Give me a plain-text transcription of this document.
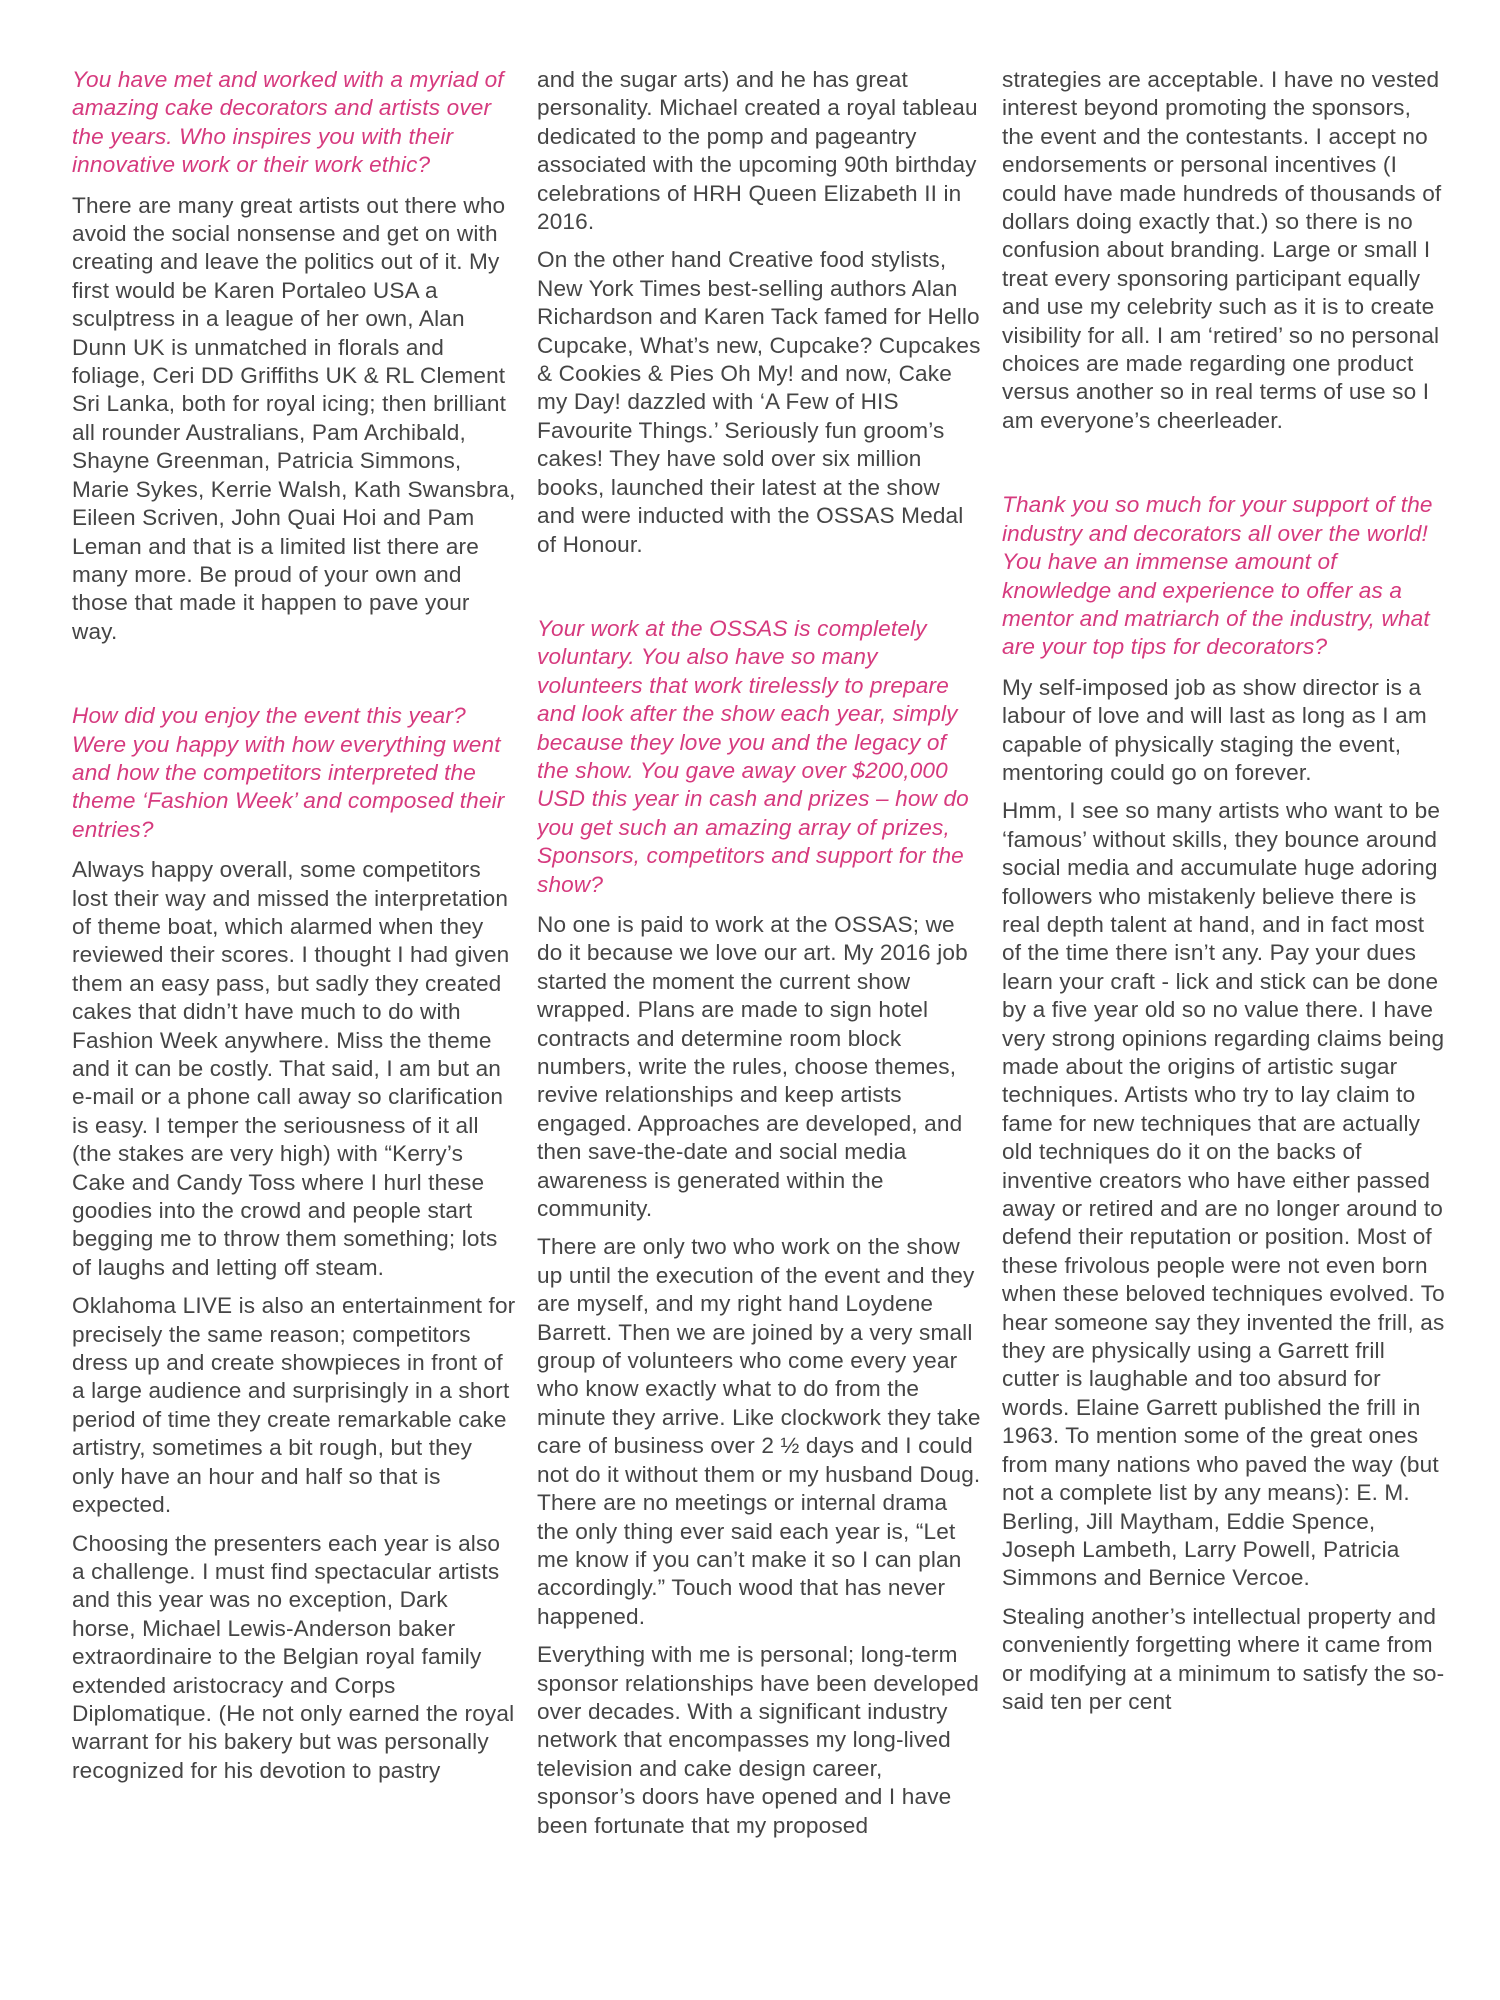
You have met and worked with a myriad of amazing cake decorators and artists over the years. Who inspires you with their innovative work or their work ethic?

There are many great artists out there who avoid the social nonsense and get on with creating and leave the politics out of it. My first would be Karen Portaleo USA a sculptress in a league of her own, Alan Dunn UK is unmatched in florals and foliage, Ceri DD Griffiths UK & RL Clement Sri Lanka, both for royal icing; then brilliant all rounder Australians, Pam Archibald, Shayne Greenman, Patricia Simmons, Marie Sykes, Kerrie Walsh, Kath Swansbra, Eileen Scriven, John Quai Hoi and Pam Leman and that is a limited list there are many more. Be proud of your own and those that made it happen to pave your way.

How did you enjoy the event this year? Were you happy with how everything went and how the competitors interpreted the theme ‘Fashion Week’ and composed their entries?

Always happy overall, some competitors lost their way and missed the interpretation of theme boat, which alarmed when they reviewed their scores. I thought I had given them an easy pass, but sadly they created cakes that didn’t have much to do with Fashion Week anywhere. Miss the theme and it can be costly. That said, I am but an e-mail or a phone call away so clarification is easy. I temper the seriousness of it all (the stakes are very high) with “Kerry’s Cake and Candy Toss where I hurl these goodies into the crowd and people start begging me to throw them something; lots of laughs and letting off steam.

Oklahoma LIVE is also an entertainment for precisely the same reason; competitors dress up and create showpieces in front of a large audience and surprisingly in a short period of time they create remarkable cake artistry, sometimes a bit rough, but they only have an hour and half so that is expected.

Choosing the presenters each year is also a challenge. I must find spectacular artists and this year was no exception, Dark horse, Michael Lewis-Anderson baker extraordinaire to the Belgian royal family extended aristocracy and Corps Diplomatique. (He not only earned the royal warrant for his bakery but was personally recognized for his devotion to pastry

and the sugar arts) and he has great personality. Michael created a royal tableau dedicated to the pomp and pageantry associated with the upcoming 90th birthday celebrations of HRH Queen Elizabeth II in 2016.

On the other hand Creative food stylists, New York Times best-selling authors Alan Richardson and Karen Tack famed for Hello Cupcake, What’s new, Cupcake? Cupcakes & Cookies & Pies Oh My! and now, Cake my Day! dazzled with ‘A Few of HIS Favourite Things.’ Seriously fun groom’s cakes! They have sold over six million books, launched their latest at the show and were inducted with the OSSAS Medal of Honour.

Your work at the OSSAS is completely voluntary. You also have so many volunteers that work tirelessly to prepare and look after the show each year, simply because they love you and the legacy of the show. You gave away over $200,000 USD this year in cash and prizes – how do you get such an amazing array of prizes, Sponsors, competitors and support for the show?

No one is paid to work at the OSSAS; we do it because we love our art. My 2016 job started the moment the current show wrapped. Plans are made to sign hotel contracts and determine room block numbers, write the rules, choose themes, revive relationships and keep artists engaged. Approaches are developed, and then save-the-date and social media awareness is generated within the community.

There are only two who work on the show up until the execution of the event and they are myself, and my right hand Loydene Barrett. Then we are joined by a very small group of volunteers who come every year who know exactly what to do from the minute they arrive. Like clockwork they take care of business over 2 ½ days and I could not do it without them or my husband Doug. There are no meetings or internal drama the only thing ever said each year is, “Let me know if you can’t make it so I can plan accordingly.” Touch wood that has never happened.

Everything with me is personal; long-term sponsor relationships have been developed over decades. With a significant industry network that encompasses my long-lived television and cake design career, sponsor’s doors have opened and I have been fortunate that my proposed

strategies are acceptable. I have no vested interest beyond promoting the sponsors, the event and the contestants. I accept no endorsements or personal incentives (I could have made hundreds of thousands of dollars doing exactly that.) so there is no confusion about branding. Large or small I treat every sponsoring participant equally and use my celebrity such as it is to create visibility for all. I am ‘retired’ so no personal choices are made regarding one product versus another so in real terms of use so I am everyone’s cheerleader.

Thank you so much for your support of the industry and decorators all over the world! You have an immense amount of knowledge and experience to offer as a mentor and matriarch of the industry, what are your top tips for decorators?

My self-imposed job as show director is a labour of love and will last as long as I am capable of physically staging the event, mentoring could go on forever.

Hmm, I see so many artists who want to be ‘famous’ without skills, they bounce around social media and accumulate huge adoring followers who mistakenly believe there is real depth talent at hand, and in fact most of the time there isn’t any. Pay your dues learn your craft - lick and stick can be done by a five year old so no value there. I have very strong opinions regarding claims being made about the origins of artistic sugar techniques. Artists who try to lay claim to fame for new techniques that are actually old techniques do it on the backs of inventive creators who have either passed away or retired and are no longer around to defend their reputation or position. Most of these frivolous people were not even born when these beloved techniques evolved. To hear someone say they invented the frill, as they are physically using a Garrett frill cutter is laughable and too absurd for words. Elaine Garrett published the frill in 1963. To mention some of the great ones from many nations who paved the way (but not a complete list by any means): E. M. Berling, Jill Maytham, Eddie Spence, Joseph Lambeth, Larry Powell, Patricia Simmons and Bernice Vercoe.

Stealing another’s intellectual property and conveniently forgetting where it came from or modifying at a minimum to satisfy the so-said ten per cent
